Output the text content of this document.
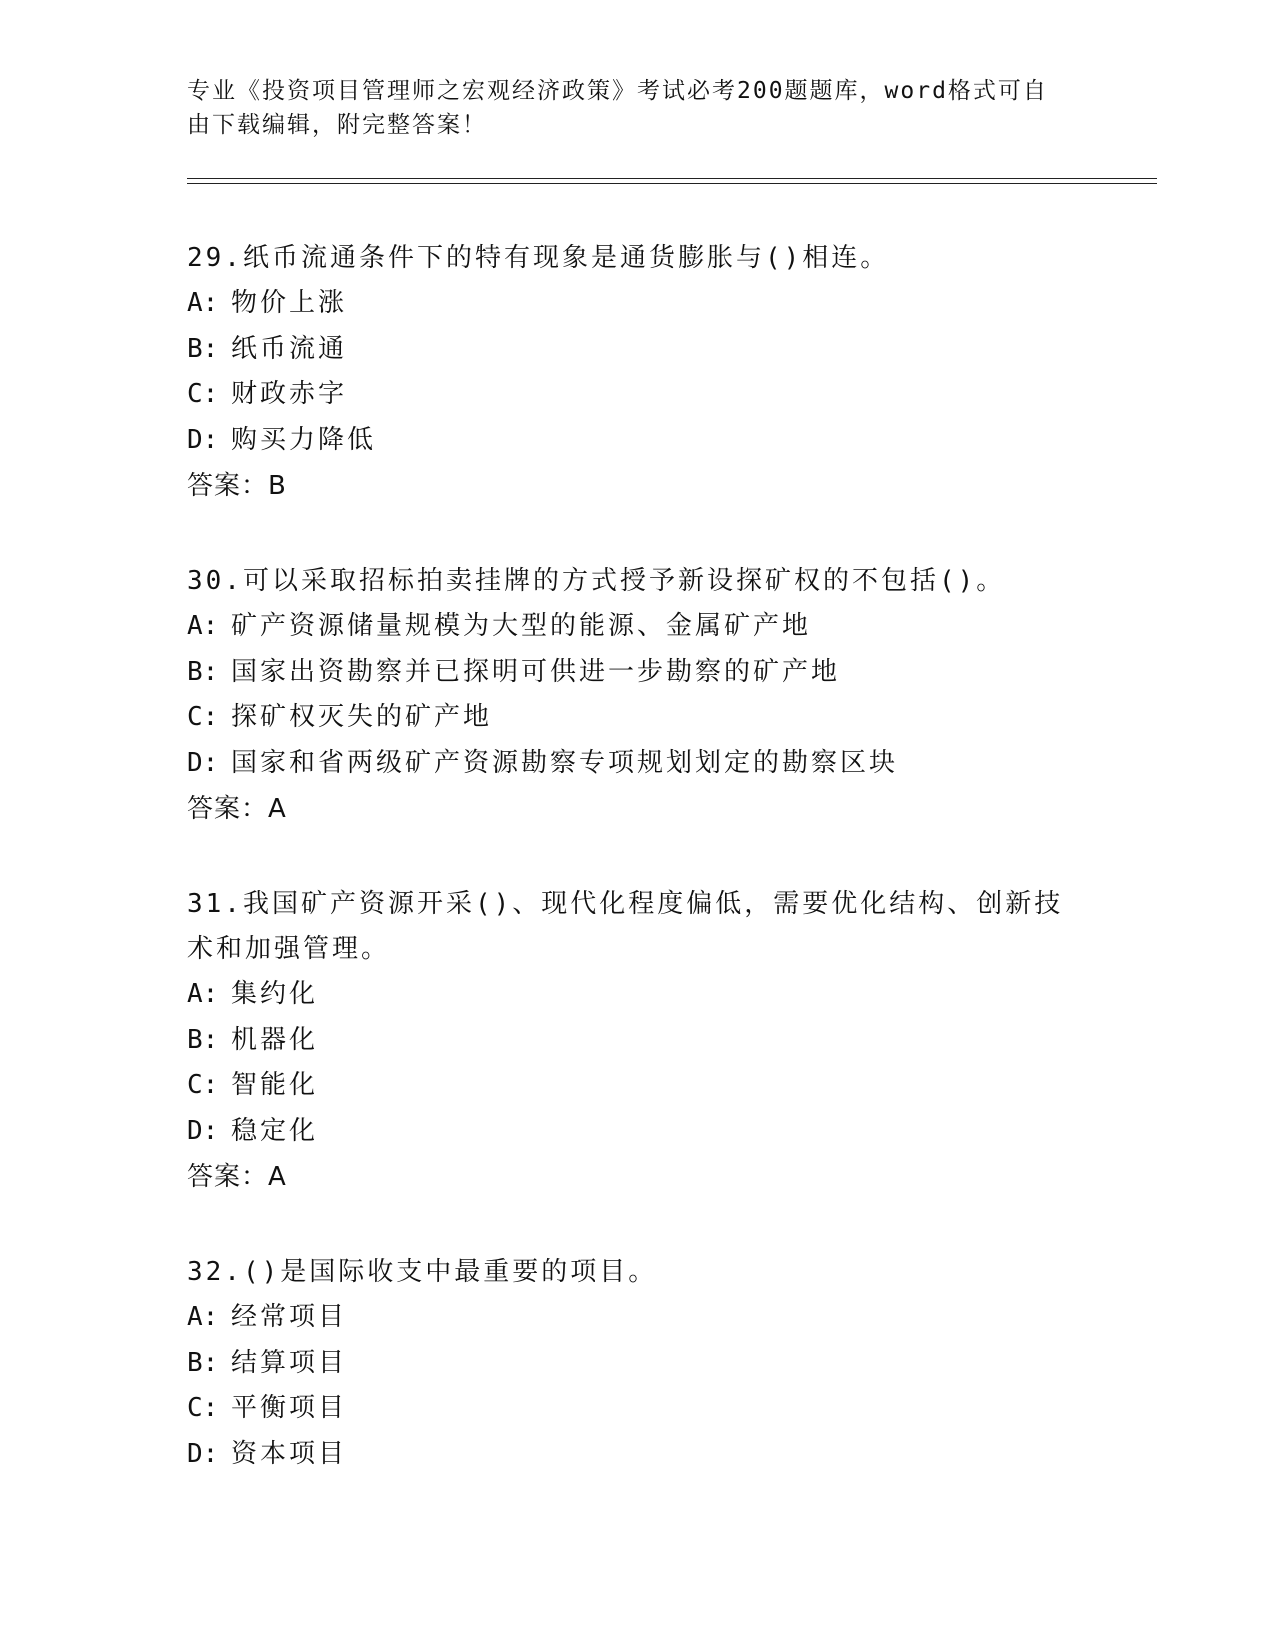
专业《投资项目管理师之宏观经济政策》考试必考200题题库，word格式可自由下载编辑，附完整答案！

29.纸币流通条件下的特有现象是通货膨胀与()相连。

A: 物价上涨

B: 纸币流通

C: 财政赤字

D: 购买力降低

答案：B

30.可以采取招标拍卖挂牌的方式授予新设探矿权的不包括()。

A: 矿产资源储量规模为大型的能源、金属矿产地

B: 国家出资勘察并已探明可供进一步勘察的矿产地

C: 探矿权灭失的矿产地

D: 国家和省两级矿产资源勘察专项规划划定的勘察区块

答案：A

31.我国矿产资源开采()、现代化程度偏低，需要优化结构、创新技术和加强管理。

A: 集约化

B: 机器化

C: 智能化

D: 稳定化

答案：A

32.()是国际收支中最重要的项目。

A: 经常项目

B: 结算项目

C: 平衡项目

D: 资本项目
